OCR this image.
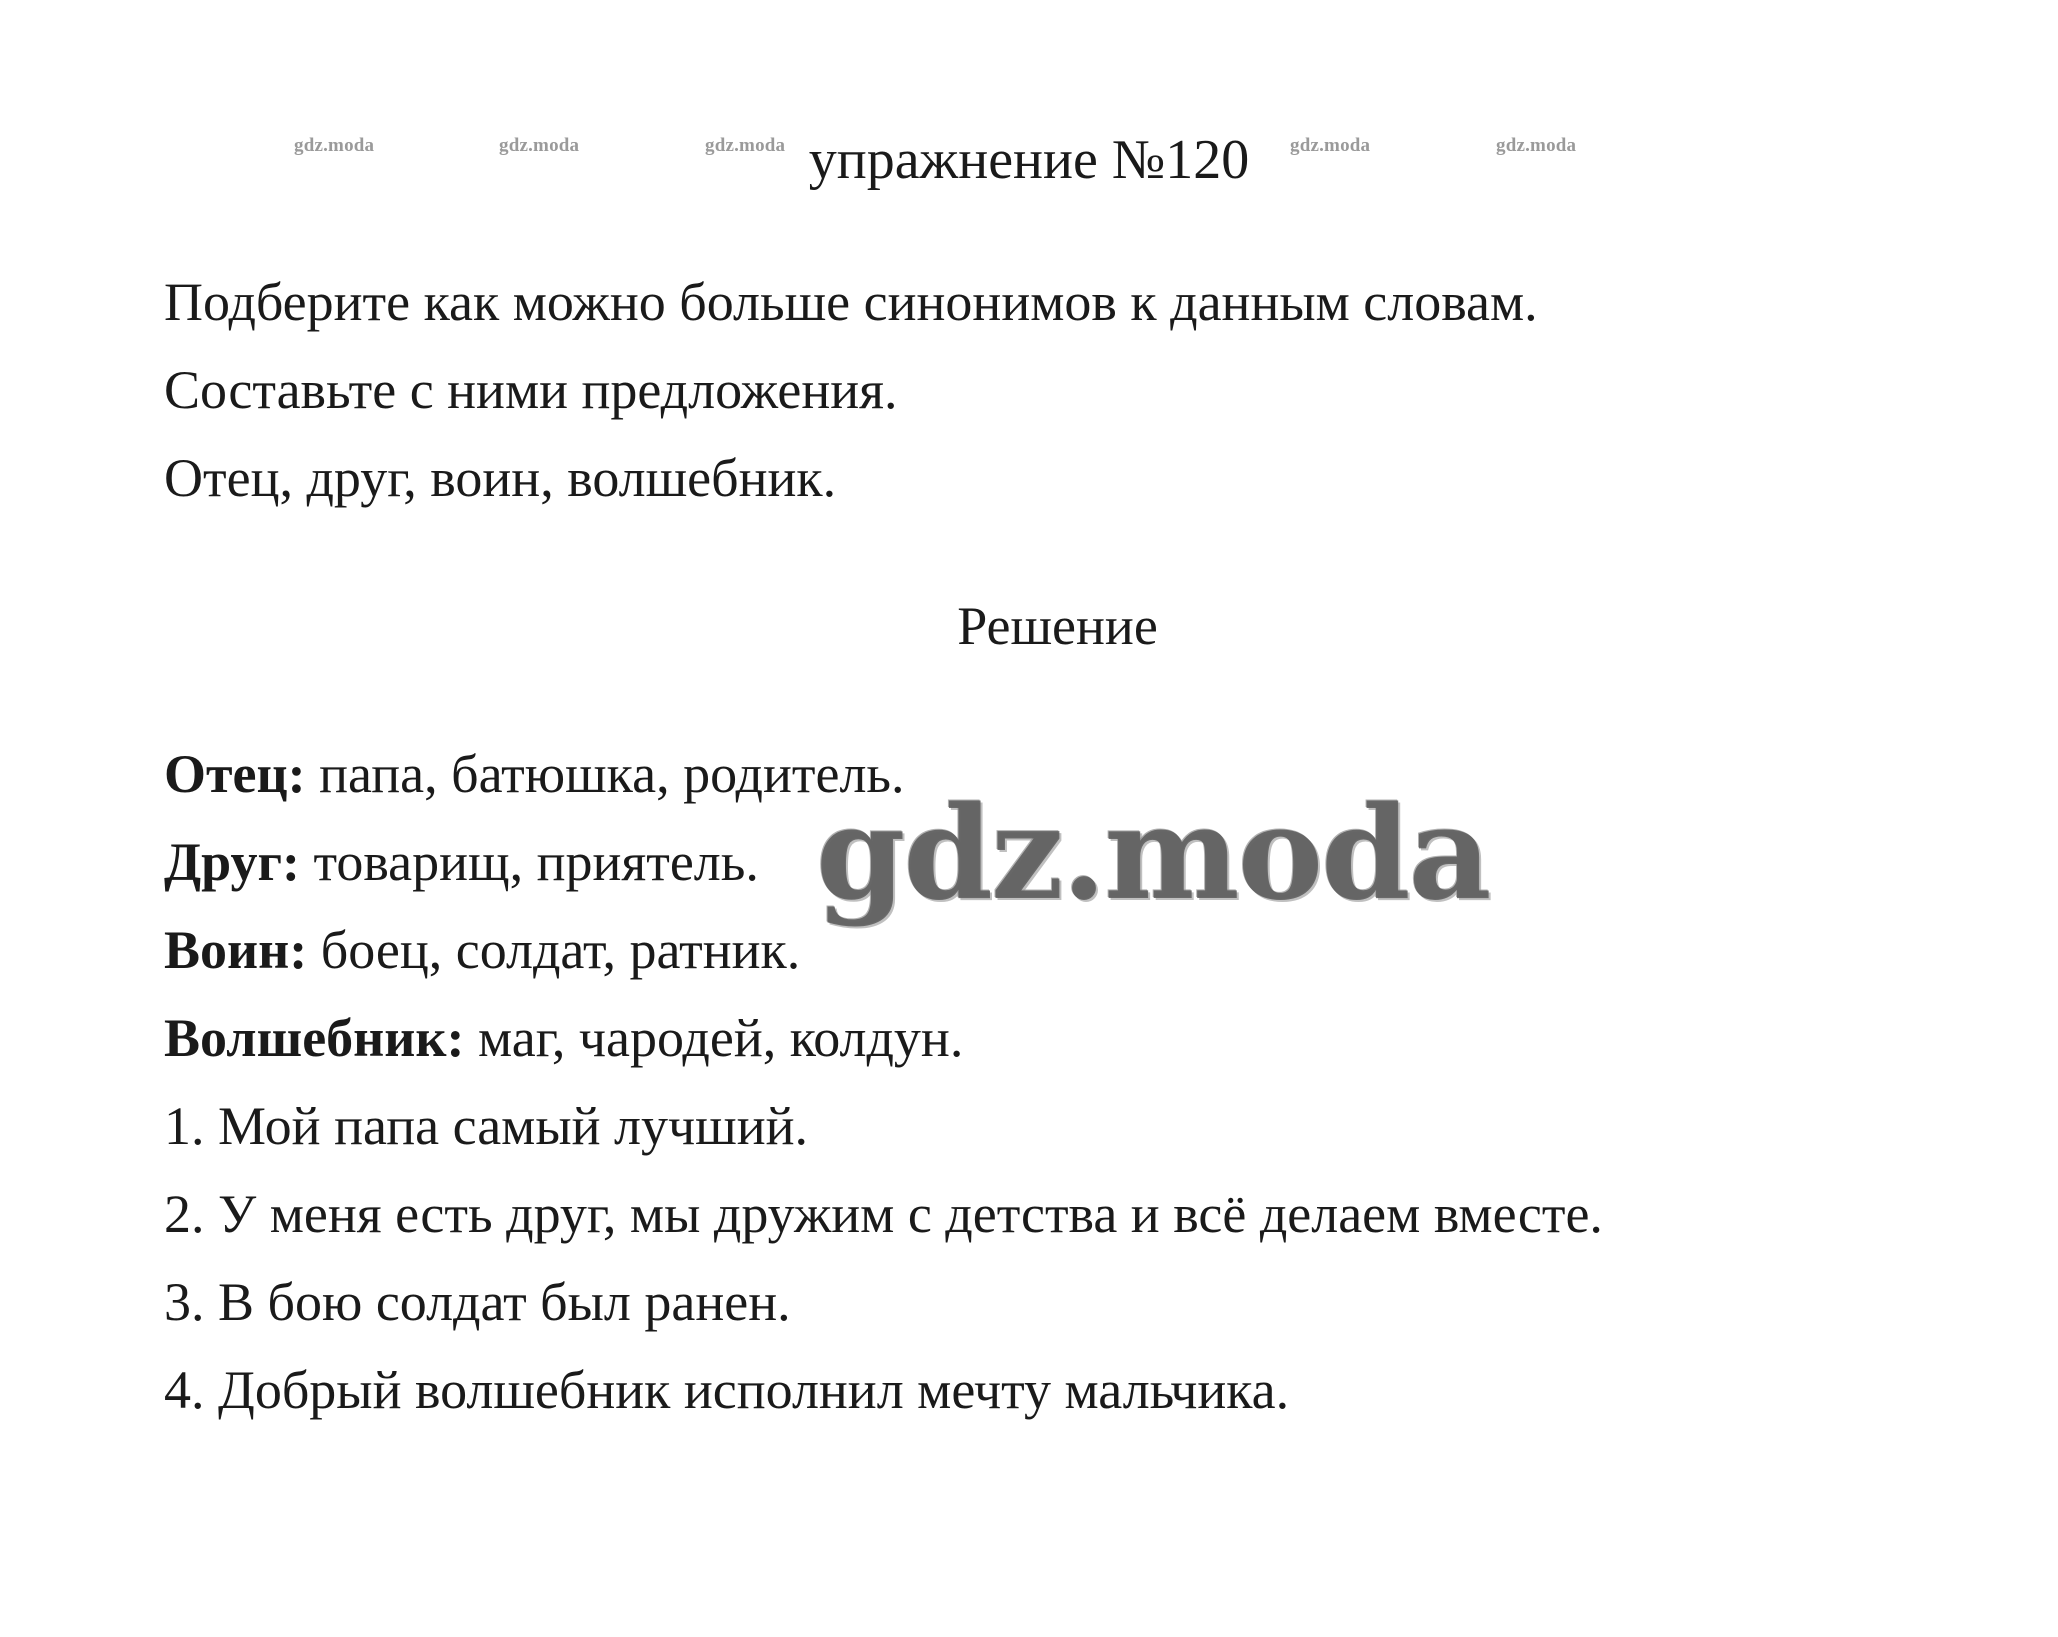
gdz.moda	gdz.moda	gdz.moda	gdz.moda	gdz.moda
упражнение №120
Подберите как можно больше синонимов к данным словам.
Составьте с ними предложения.
Отец, друг, воин, волшебник.
Решение
Отец: папа, батюшка, родитель.
Друг: товарищ, приятель.
Воин: боец, солдат, ратник.
Волшебник: маг, чародей, колдун.
1. Мой папа самый лучший.
2. У меня есть друг, мы дружим с детства и всё делаем вместе.
3. В бою солдат был ранен.
4. Добрый волшебник исполнил мечту мальчика.
gdz.moda
